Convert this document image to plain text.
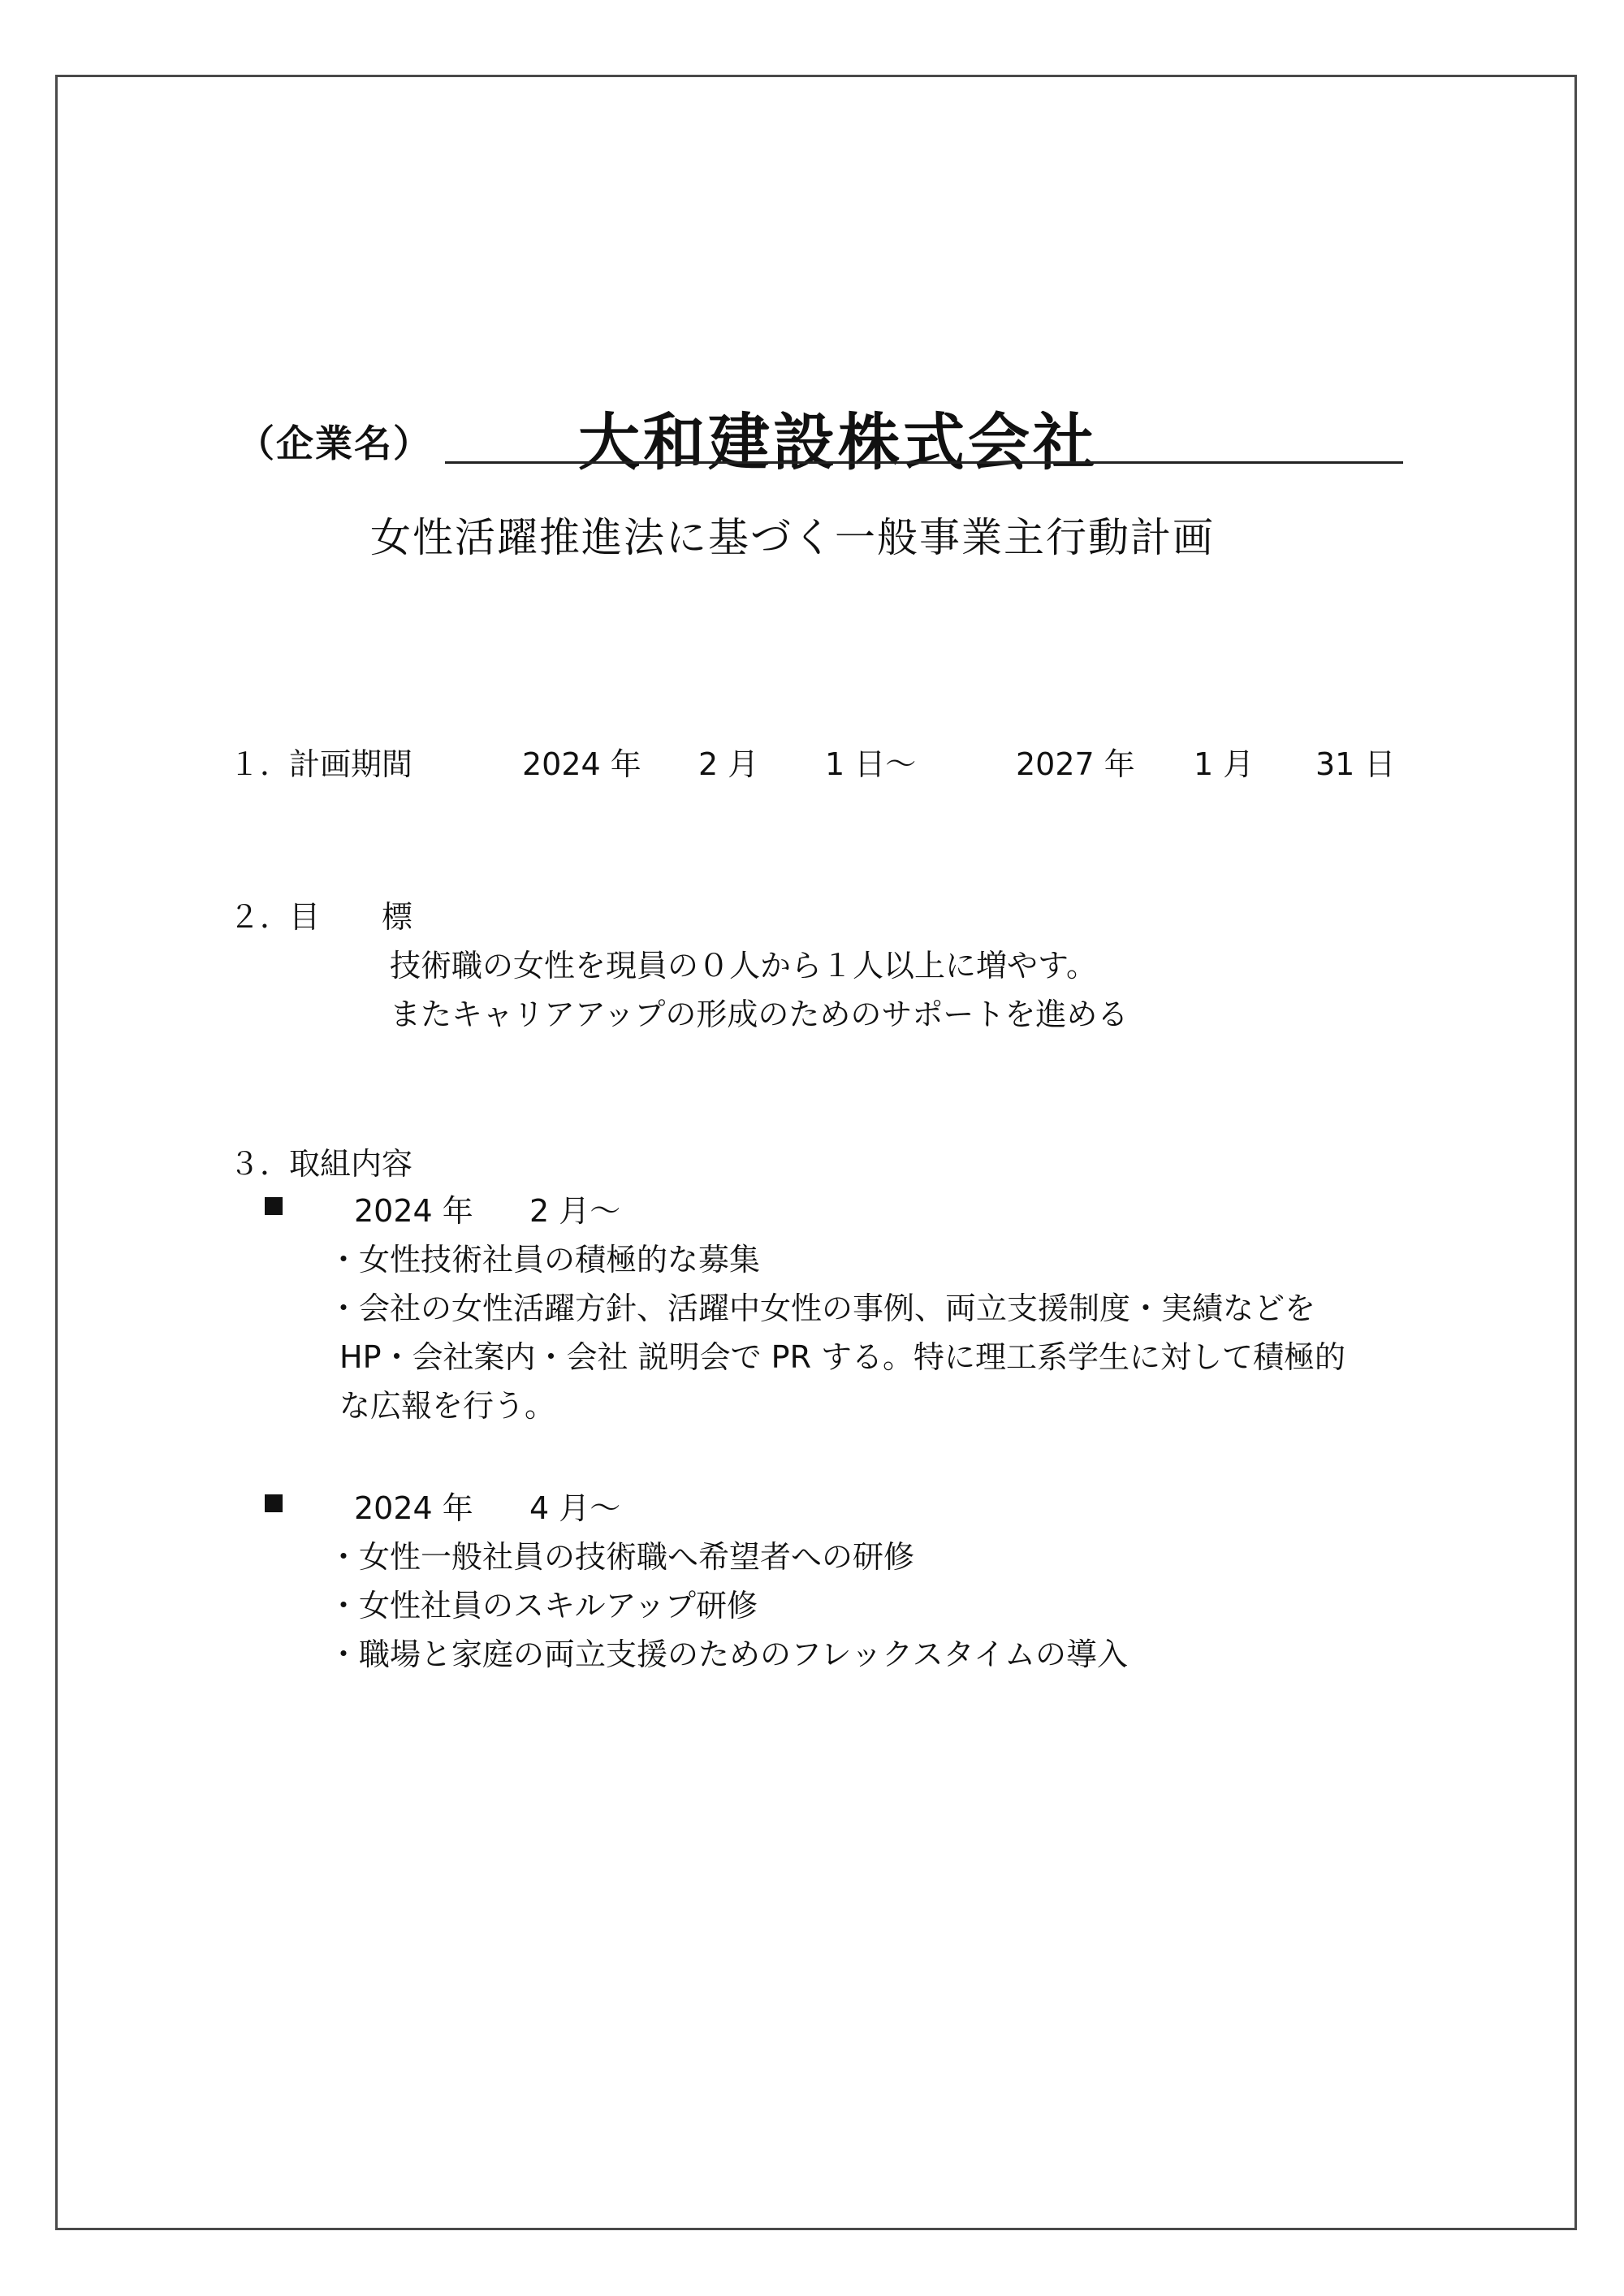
（企業名） 大和建設株式会社
女性活躍推進法に基づく一般事業主行動計画
１．
計画期間	2024 年 2 月 1 日～	2027 年 1 月 31 日
２．
目　　標
技術職の女性を現員の０人から１人以上に増やす。
またキャリアアップの形成のためのサポートを進める
３．
取組内容
2024 年 2 月～
・女性技術社員の積極的な募集
・会社の女性活躍方針、活躍中女性の事例、両立支援制度・実績などを
HP・会社案内・会社 説明会で PR する。特に理工系学生に対して積極的
な広報を行う。
2024 年 4 月～
・女性一般社員の技術職へ希望者への研修
・女性社員のスキルアップ研修
・職場と家庭の両立支援のためのフレックスタイムの導入
